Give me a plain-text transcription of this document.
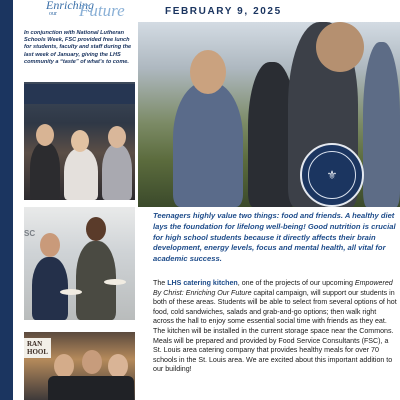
Enriching
our Future	FEBRUARY 9, 2025
In conjunction with National Lutheran Schools Week, FSC provided free lunch for students, faculty and staff during the last week of January, giving the LHS community a “taste” of what’s to come.
SC
RAN
HOOL
⚜
Teenagers highly value two things: food and friends. A healthy diet lays the foundation for lifelong well-being! Good nutrition is crucial for high school students because it directly affects their brain development, energy levels, focus and mental health, all vital for academic success.
The LHS catering kitchen, one of the projects of our upcoming Empowered By Christ: Enriching Our Future capital campaign, will support our students in both of these areas. Students will be able to select from several options of hot food, cold sandwiches, salads and grab-and-go options; then walk right across the hall to enjoy some essential social time with friends as they eat. The kitchen will be installed in the current storage space near the Commons. Meals will be prepared and provided by Food Service Consultants (FSC), a St. Louis area catering company that provides healthy meals for over 70 schools in the St. Louis area. We are excited about this important addition to our building!
